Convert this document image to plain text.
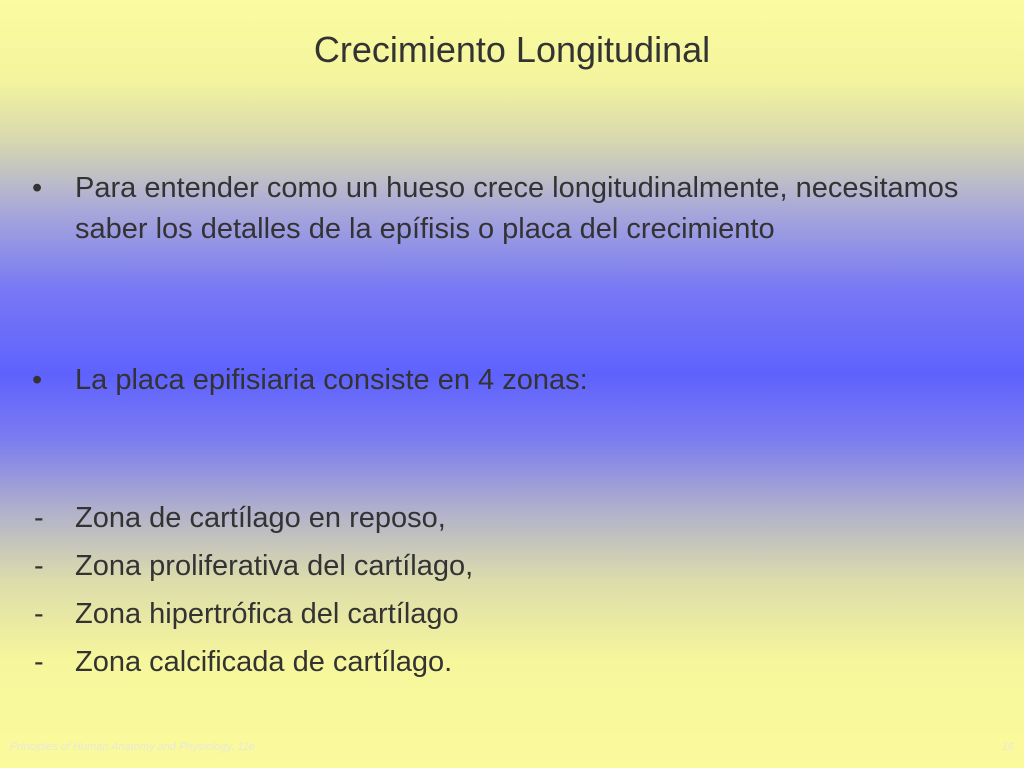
Crecimiento Longitudinal
• Para entender como un hueso crece longitudinalmente, necesitamos saber los detalles de la epífisis o placa del crecimiento
• La placa epifisiaria consiste en 4 zonas:
- Zona de cartílago en reposo,
- Zona proliferativa del cartílago,
- Zona hipertrófica del cartílago
- Zona calcificada de cartílago.
Principles of Human Anatomy and Physiology, 11e	16
